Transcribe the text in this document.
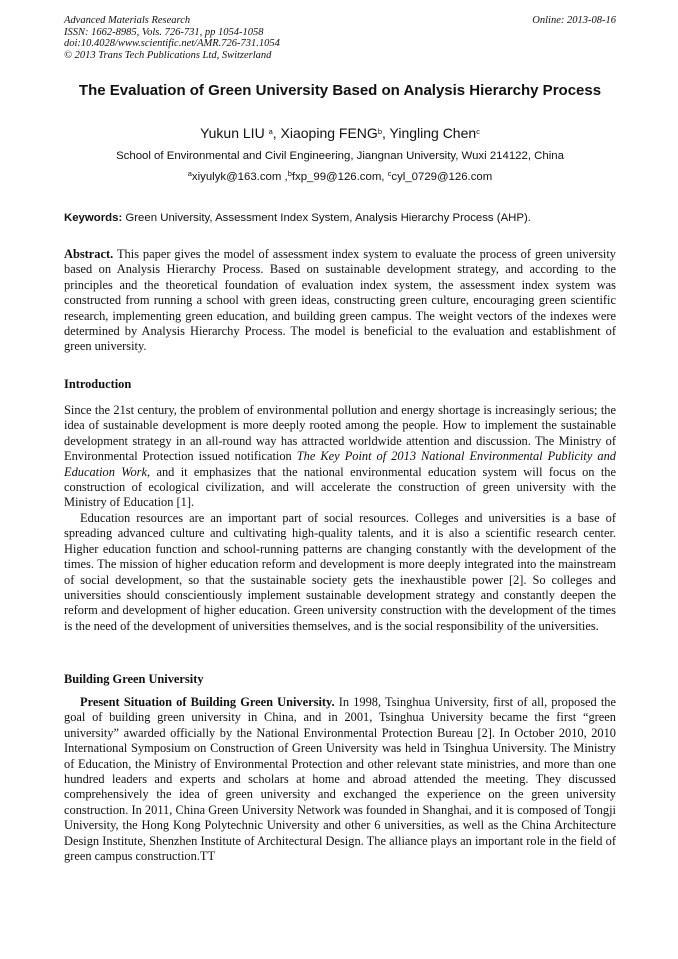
Advanced Materials Research
ISSN: 1662-8985, Vols. 726-731, pp 1054-1058
doi:10.4028/www.scientific.net/AMR.726-731.1054
© 2013 Trans Tech Publications Ltd, Switzerland
Online: 2013-08-16
The Evaluation of Green University Based on Analysis Hierarchy Process
Yukun LIU $^a$, Xiaoping FENG$^b$, Yingling Chen$^c$
School of Environmental and Civil Engineering, Jiangnan University, Wuxi 214122, China
$^a$xiyulyk@163.com ,$^b$fxp_99@126.com, $^c$cyl_0729@126.com
Keywords: Green University, Assessment Index System, Analysis Hierarchy Process (AHP).

Abstract. This paper gives the model of assessment index system to evaluate the process of green university based on Analysis Hierarchy Process. Based on sustainable development strategy, and according to the principles and the theoretical foundation of evaluation index system, the assessment index system was constructed from running a school with green ideas, constructing green culture, encouraging green scientific research, implementing green education, and building green campus. The weight vectors of the indexes were determined by Analysis Hierarchy Process. The model is beneficial to the evaluation and establishment of green university.

Introduction

Since the 21st century, the problem of environmental pollution and energy shortage is increasingly serious; the idea of sustainable development is more deeply rooted among the people. How to implement the sustainable development strategy in an all-round way has attracted worldwide attention and discussion. The Ministry of Environmental Protection issued notification The Key Point of 2013 National Environmental Publicity and Education Work, and it emphasizes that the national environmental education system will focus on the construction of ecological civilization, and will accelerate the construction of green university with the Ministry of Education [1].

Education resources are an important part of social resources. Colleges and universities is a base of spreading advanced culture and cultivating high-quality talents, and it is also a scientific research center. Higher education function and school-running patterns are changing constantly with the development of the times. The mission of higher education reform and development is more deeply integrated into the mainstream of social development, so that the sustainable society gets the inexhaustible power [2]. So colleges and universities should conscientiously implement sustainable development strategy and constantly deepen the reform and development of higher education. Green university construction with the development of the times is the need of the development of universities themselves, and is the social responsibility of the universities.

Building Green University

Present Situation of Building Green University. In 1998, Tsinghua University, first of all, proposed the goal of building green university in China, and in 2001, Tsinghua University became the first “green university” awarded officially by the National Environmental Protection Bureau [2]. In October 2010, 2010 International Symposium on Construction of Green University was held in Tsinghua University. The Ministry of Education, the Ministry of Environmental Protection and other relevant state ministries, and more than one hundred leaders and experts and scholars at home and abroad attended the meeting. They discussed comprehensively the idea of green university and exchanged the experience on the green university construction. In 2011, China Green University Network was founded in Shanghai, and it is composed of Tongji University, the Hong Kong Polytechnic University and other 6 universities, as well as the China Architecture Design Institute, Shenzhen Institute of Architectural Design. The alliance plays an important role in the field of green campus construction.TT
